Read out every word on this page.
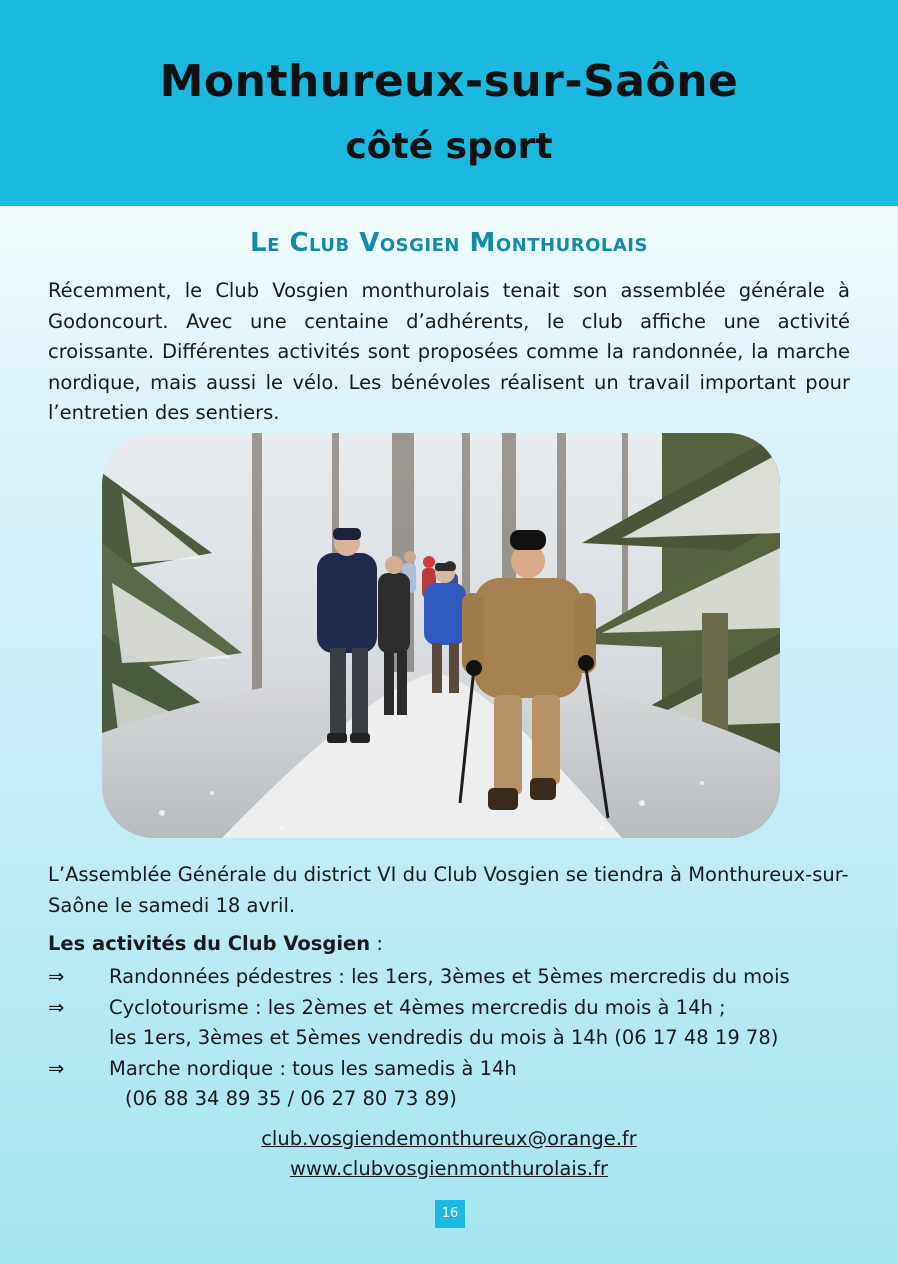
Monthureux-sur-Saône
côté sport
Le Club Vosgien Monthurolais

Récemment, le Club Vosgien monthurolais tenait son assemblée générale à Godoncourt. Avec une centaine d’adhérents, le club affiche une activité croissante. Différentes activités sont proposées comme la randonnée, la marche nordique, mais aussi le vélo. Les bénévoles réalisent un travail important pour l’entretien des sentiers.

L’Assemblée Générale du district VI du Club Vosgien se tiendra à Monthureux-sur-Saône le samedi 18 avril.

Les activités du Club Vosgien :
⇒ Randonnées pédestres : les 1ers, 3èmes et 5èmes mercredis du mois
⇒ Cyclotourisme : les 2èmes et 4èmes mercredis du mois à 14h ;
les 1ers, 3èmes et 5èmes vendredis du mois à 14h (06 17 48 19 78)
⇒ Marche nordique : tous les samedis à 14h
(06 88 34 89 35 / 06 27 80 73 89)
club.vosgiendemonthureux@orange.fr
www.clubvosgienmonthurolais.fr
16
